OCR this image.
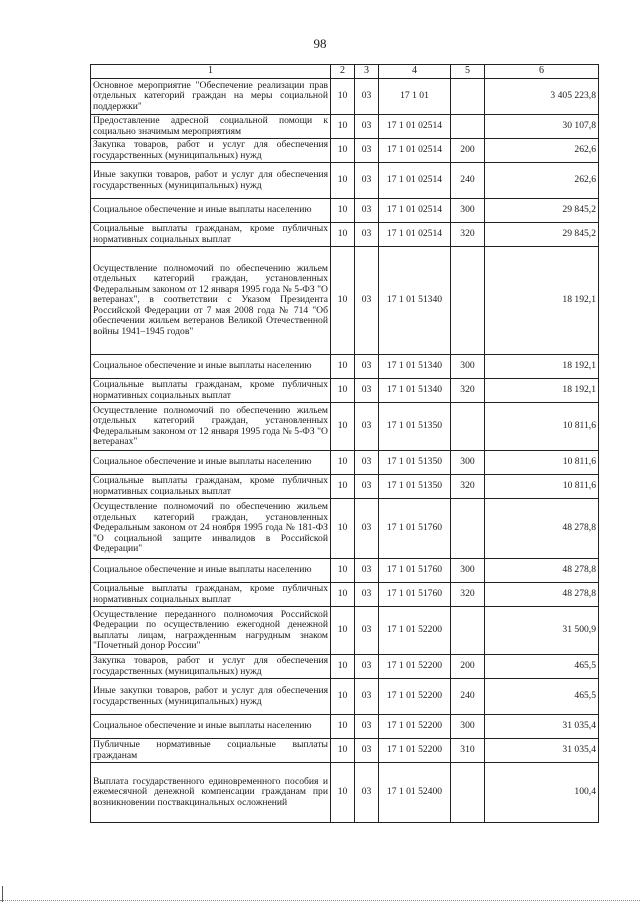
98
1	2	3	4	5	6
Основное мероприятие "Обеспечение реализации прав отдельных категорий граждан на меры социальной поддержки"	10	03	17 1 01		3 405 223,8
Предоставление адресной социальной помощи к социально значимым мероприятиям	10	03	17 1 01 02514		30 107,8
Закупка товаров, работ и услуг для обеспечения государственных (муниципальных) нужд	10	03	17 1 01 02514	200	262,6
Иные закупки товаров, работ и услуг для обеспечения государственных (муниципальных) нужд	10	03	17 1 01 02514	240	262,6
Социальное обеспечение и иные выплаты населению	10	03	17 1 01 02514	300	29 845,2
Социальные выплаты гражданам, кроме публичных нормативных социальных выплат	10	03	17 1 01 02514	320	29 845,2
Осуществление полномочий по обеспечению жильем отдельных категорий граждан, установленных Федеральным законом от 12 января 1995 года № 5-ФЗ "О ветеранах", в соответствии с Указом Президента Российской Федерации от 7 мая 2008 года № 714 "Об обеспечении жильем ветеранов Великой Отечественной войны 1941–1945 годов"	10	03	17 1 01 51340		18 192,1
Социальное обеспечение и иные выплаты населению	10	03	17 1 01 51340	300	18 192,1
Социальные выплаты гражданам, кроме публичных нормативных социальных выплат	10	03	17 1 01 51340	320	18 192,1
Осуществление полномочий по обеспечению жильем отдельных категорий граждан, установленных Федеральным законом от 12 января 1995 года № 5-ФЗ "О ветеранах"	10	03	17 1 01 51350		10 811,6
Социальное обеспечение и иные выплаты населению	10	03	17 1 01 51350	300	10 811,6
Социальные выплаты гражданам, кроме публичных нормативных социальных выплат	10	03	17 1 01 51350	320	10 811,6
Осуществление полномочий по обеспечению жильем отдельных категорий граждан, установленных Федеральным законом от 24 ноября 1995 года № 181-ФЗ "О социальной защите инвалидов в Российской Федерации"	10	03	17 1 01 51760		48 278,8
Социальное обеспечение и иные выплаты населению	10	03	17 1 01 51760	300	48 278,8
Социальные выплаты гражданам, кроме публичных нормативных социальных выплат	10	03	17 1 01 51760	320	48 278,8
Осуществление переданного полномочия Российской Федерации по осуществлению ежегодной денежной выплаты лицам, награжденным нагрудным знаком "Почетный донор России"	10	03	17 1 01 52200		31 500,9
Закупка товаров, работ и услуг для обеспечения государственных (муниципальных) нужд	10	03	17 1 01 52200	200	465,5
Иные закупки товаров, работ и услуг для обеспечения государственных (муниципальных) нужд	10	03	17 1 01 52200	240	465,5
Социальное обеспечение и иные выплаты населению	10	03	17 1 01 52200	300	31 035,4
Публичные нормативные социальные выплаты гражданам	10	03	17 1 01 52200	310	31 035,4
Выплата государственного единовременного пособия и ежемесячной денежной компенсации гражданам при возникновении поствакцинальных осложнений	10	03	17 1 01 52400		100,4
